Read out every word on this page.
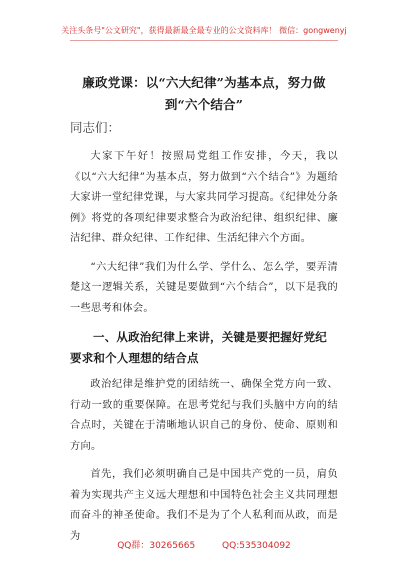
关注头条号"公文研究"，获得最新最全最专业的公文资料库！ 微信：gongwenyj
廉政党课：以“六大纪律”为基本点，努力做到“六个结合”
同志们：

大家下午好！按照局党组工作安排，今天，我以《以“六大纪律”为基本点，努力做到“六个结合”》为题给大家讲一堂纪律党课，与大家共同学习提高。《纪律处分条例》将党的各项纪律要求整合为政治纪律、组织纪律、廉洁纪律、群众纪律、工作纪律、生活纪律六个方面。

“六大纪律”我们为什么学、学什么、怎么学，要弄清楚这一逻辑关系，关键是要做到“六个结合”，以下是我的一些思考和体会。

一、从政治纪律上来讲，关键是要把握好党纪要求和个人理想的结合点

政治纪律是维护党的团结统一、确保全党方向一致、行动一致的重要保障。在思考党纪与我们头脑中方向的结合点时，关键在于清晰地认识自己的身份、使命、原则和方向。

首先，我们必须明确自己是中国共产党的一员，肩负着为实现共产主义远大理想和中国特色社会主义共同理想而奋斗的神圣使命。我们不是为了个人私利而从政，而是为

QQ群：30265665	QQ:535304092
